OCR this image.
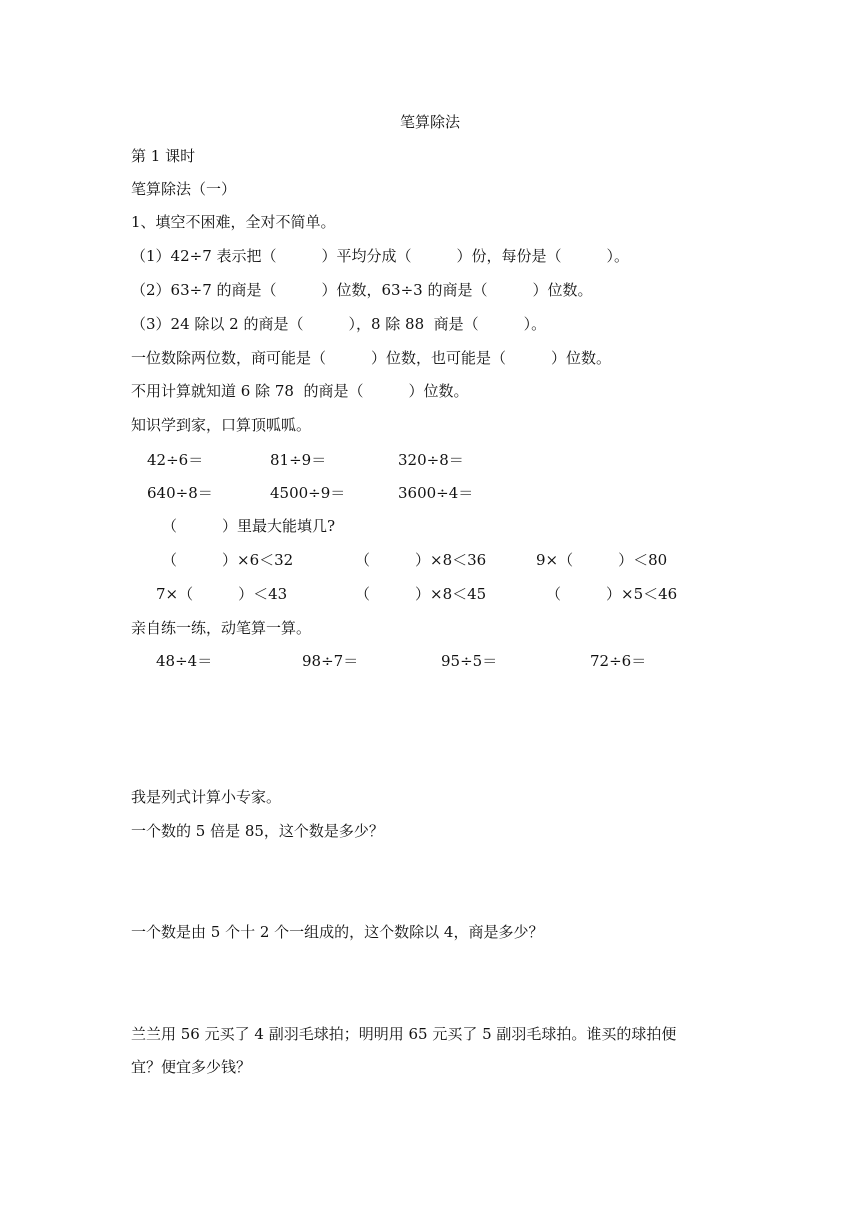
笔算除法
第 1 课时
笔算除法（一）
1、填空不困难，全对不简单。
（1）42÷7 表示把（　　　）平均分成（　　　）份，每份是（　　　）。
（2）63÷7 的商是（　　　）位数，63÷3 的商是（　　　）位数。
（3）24 除以 2 的商是（　　　），8 除 88  商是（　　　）。
一位数除两位数，商可能是（　　　）位数，也可能是（　　　）位数。
不用计算就知道 6 除 78  的商是（　　　）位数。
知识学到家，口算顶呱呱。
42÷6＝	81÷9＝	320÷8＝
640÷8＝	4500÷9＝	3600÷4＝
（　　　）里最大能填几?
（　　　）×6＜32	（　　　）×8＜36	9×（　　　）＜80
7×（　　　）＜43	（　　　）×8＜45	（　　　）×5＜46
亲自练一练，动笔算一算。
48÷4＝	98÷7＝	95÷5＝	72÷6＝
我是列式计算小专家。
一个数的 5 倍是 85，这个数是多少？
一个数是由 5 个十 2 个一组成的，这个数除以 4，商是多少？
兰兰用 56 元买了 4 副羽毛球拍；明明用 65 元买了 5 副羽毛球拍。谁买的球拍便
宜？便宜多少钱？
